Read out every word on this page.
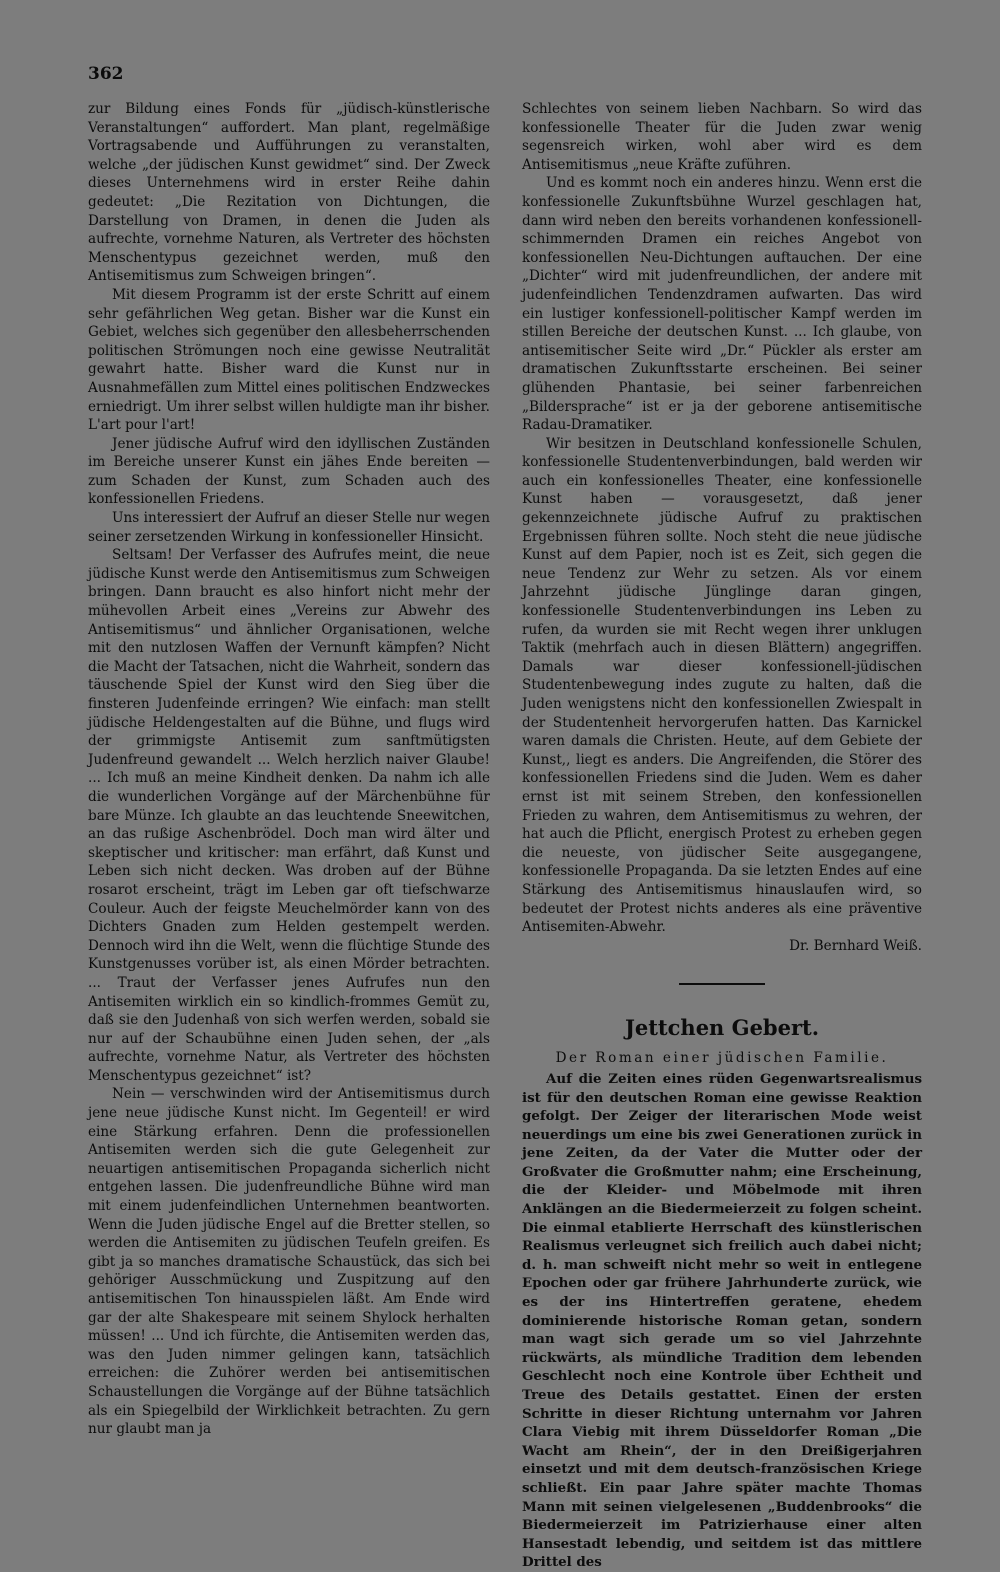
362

zur Bildung eines Fonds für „jüdisch-künstlerische Veranstaltungen“ auffordert. Man plant, regelmäßige Vortragsabende und Aufführungen zu veranstalten, welche „der jüdischen Kunst gewidmet“ sind. Der Zweck dieses Unternehmens wird in erster Reihe dahin gedeutet: „Die Rezitation von Dichtungen, die Darstellung von Dramen, in denen die Juden als aufrechte, vornehme Naturen, als Vertreter des höchsten Menschentypus gezeichnet werden, muß den Antisemitismus zum Schweigen bringen“.

Mit diesem Programm ist der erste Schritt auf einem sehr gefährlichen Weg getan. Bisher war die Kunst ein Gebiet, welches sich gegenüber den allesbeherrschenden politischen Strömungen noch eine gewisse Neutralität gewahrt hatte. Bisher ward die Kunst nur in Ausnahmefällen zum Mittel eines politischen Endzweckes erniedrigt. Um ihrer selbst willen huldigte man ihr bisher. L'art pour l'art!

Jener jüdische Aufruf wird den idyllischen Zuständen im Bereiche unserer Kunst ein jähes Ende bereiten — zum Schaden der Kunst, zum Schaden auch des konfessionellen Friedens.

Uns interessiert der Aufruf an dieser Stelle nur wegen seiner zersetzenden Wirkung in konfessioneller Hinsicht.

Seltsam! Der Verfasser des Aufrufes meint, die neue jüdische Kunst werde den Antisemitismus zum Schweigen bringen. Dann braucht es also hinfort nicht mehr der mühevollen Arbeit eines „Vereins zur Abwehr des Antisemitismus“ und ähnlicher Organisationen, welche mit den nutzlosen Waffen der Vernunft kämpfen? Nicht die Macht der Tatsachen, nicht die Wahrheit, sondern das täuschende Spiel der Kunst wird den Sieg über die finsteren Judenfeinde erringen? Wie einfach: man stellt jüdische Heldengestalten auf die Bühne, und flugs wird der grimmigste Antisemit zum sanftmütigsten Judenfreund gewandelt ... Welch herzlich naiver Glaube! ... Ich muß an meine Kindheit denken. Da nahm ich alle die wunderlichen Vorgänge auf der Märchenbühne für bare Münze. Ich glaubte an das leuchtende Sneewitchen, an das rußige Aschenbrödel. Doch man wird älter und skeptischer und kritischer: man erfährt, daß Kunst und Leben sich nicht decken. Was droben auf der Bühne rosarot erscheint, trägt im Leben gar oft tiefschwarze Couleur. Auch der feigste Meuchelmörder kann von des Dichters Gnaden zum Helden gestempelt werden. Dennoch wird ihn die Welt, wenn die flüchtige Stunde des Kunstgenusses vorüber ist, als einen Mörder betrachten. ... Traut der Verfasser jenes Aufrufes nun den Antisemiten wirklich ein so kindlich-frommes Gemüt zu, daß sie den Judenhaß von sich werfen werden, sobald sie nur auf der Schaubühne einen Juden sehen, der „als aufrechte, vornehme Natur, als Vertreter des höchsten Menschentypus gezeichnet“ ist?

Nein — verschwinden wird der Antisemitismus durch jene neue jüdische Kunst nicht. Im Gegenteil! er wird eine Stärkung erfahren. Denn die professionellen Antisemiten werden sich die gute Gelegenheit zur neuartigen antisemitischen Propaganda sicherlich nicht entgehen lassen. Die judenfreundliche Bühne wird man mit einem judenfeindlichen Unternehmen beantworten. Wenn die Juden jüdische Engel auf die Bretter stellen, so werden die Antisemiten zu jüdischen Teufeln greifen. Es gibt ja so manches dramatische Schaustück, das sich bei gehöriger Ausschmückung und Zuspitzung auf den antisemitischen Ton hinausspielen läßt. Am Ende wird gar der alte Shakespeare mit seinem Shylock herhalten müssen! ... Und ich fürchte, die Antisemiten werden das, was den Juden nimmer gelingen kann, tatsächlich erreichen: die Zuhörer werden bei antisemitischen Schaustellungen die Vorgänge auf der Bühne tatsächlich als ein Spiegelbild der Wirklichkeit betrachten. Zu gern nur glaubt man ja

Schlechtes von seinem lieben Nachbarn. So wird das konfessionelle Theater für die Juden zwar wenig segensreich wirken, wohl aber wird es dem Antisemitismus „neue Kräfte zuführen.

Und es kommt noch ein anderes hinzu. Wenn erst die konfessionelle Zukunftsbühne Wurzel geschlagen hat, dann wird neben den bereits vorhandenen konfessionell-schimmernden Dramen ein reiches Angebot von konfessionellen Neu-Dichtungen auftauchen. Der eine „Dichter“ wird mit judenfreundlichen, der andere mit judenfeindlichen Tendenzdramen aufwarten. Das wird ein lustiger konfessionell-politischer Kampf werden im stillen Bereiche der deutschen Kunst. ... Ich glaube, von antisemitischer Seite wird „Dr.“ Pückler als erster am dramatischen Zukunftsstarte erscheinen. Bei seiner glühenden Phantasie, bei seiner farbenreichen „Bildersprache“ ist er ja der geborene antisemitische Radau-Dramatiker.

Wir besitzen in Deutschland konfessionelle Schulen, konfessionelle Studentenverbindungen, bald werden wir auch ein konfessionelles Theater, eine konfessionelle Kunst haben — vorausgesetzt, daß jener gekennzeichnete jüdische Aufruf zu praktischen Ergebnissen führen sollte. Noch steht die neue jüdische Kunst auf dem Papier, noch ist es Zeit, sich gegen die neue Tendenz zur Wehr zu setzen. Als vor einem Jahrzehnt jüdische Jünglinge daran gingen, konfessionelle Studentenverbindungen ins Leben zu rufen, da wurden sie mit Recht wegen ihrer unklugen Taktik (mehrfach auch in diesen Blättern) angegriffen. Damals war dieser konfessionell-jüdischen Studentenbewegung indes zugute zu halten, daß die Juden wenigstens nicht den konfessionellen Zwiespalt in der Studentenheit hervorgerufen hatten. Das Karnickel waren damals die Christen. Heute, auf dem Gebiete der Kunst,, liegt es anders. Die Angreifenden, die Störer des konfessionellen Friedens sind die Juden. Wem es daher ernst ist mit seinem Streben, den konfessionellen Frieden zu wahren, dem Antisemitismus zu wehren, der hat auch die Pflicht, energisch Protest zu erheben gegen die neueste, von jüdischer Seite ausgegangene, konfessionelle Propaganda. Da sie letzten Endes auf eine Stärkung des Antisemitismus hinauslaufen wird, so bedeutet der Protest nichts anderes als eine präventive Antisemiten-Abwehr.

Dr. Bernhard Weiß.

Jettchen Gebert.
Der Roman einer jüdischen Familie.

Auf die Zeiten eines rüden Gegenwartsrealismus ist für den deutschen Roman eine gewisse Reaktion gefolgt. Der Zeiger der literarischen Mode weist neuerdings um eine bis zwei Generationen zurück in jene Zeiten, da der Vater die Mutter oder der Großvater die Großmutter nahm; eine Erscheinung, die der Kleider- und Möbelmode mit ihren Anklängen an die Biedermeierzeit zu folgen scheint. Die einmal etablierte Herrschaft des künstlerischen Realismus verleugnet sich freilich auch dabei nicht; d. h. man schweift nicht mehr so weit in entlegene Epochen oder gar frühere Jahrhunderte zurück, wie es der ins Hintertreffen geratene, ehedem dominierende historische Roman getan, sondern man wagt sich gerade um so viel Jahrzehnte rückwärts, als mündliche Tradition dem lebenden Geschlecht noch eine Kontrole über Echtheit und Treue des Details gestattet. Einen der ersten Schritte in dieser Richtung unternahm vor Jahren Clara Viebig mit ihrem Düsseldorfer Roman „Die Wacht am Rhein“, der in den Dreißigerjahren einsetzt und mit dem deutsch-französischen Kriege schließt. Ein paar Jahre später machte Thomas Mann mit seinen vielgelesenen „Buddenbrooks“ die Biedermeierzeit im Patrizierhause einer alten Hansestadt lebendig, und seitdem ist das mittlere Drittel des
